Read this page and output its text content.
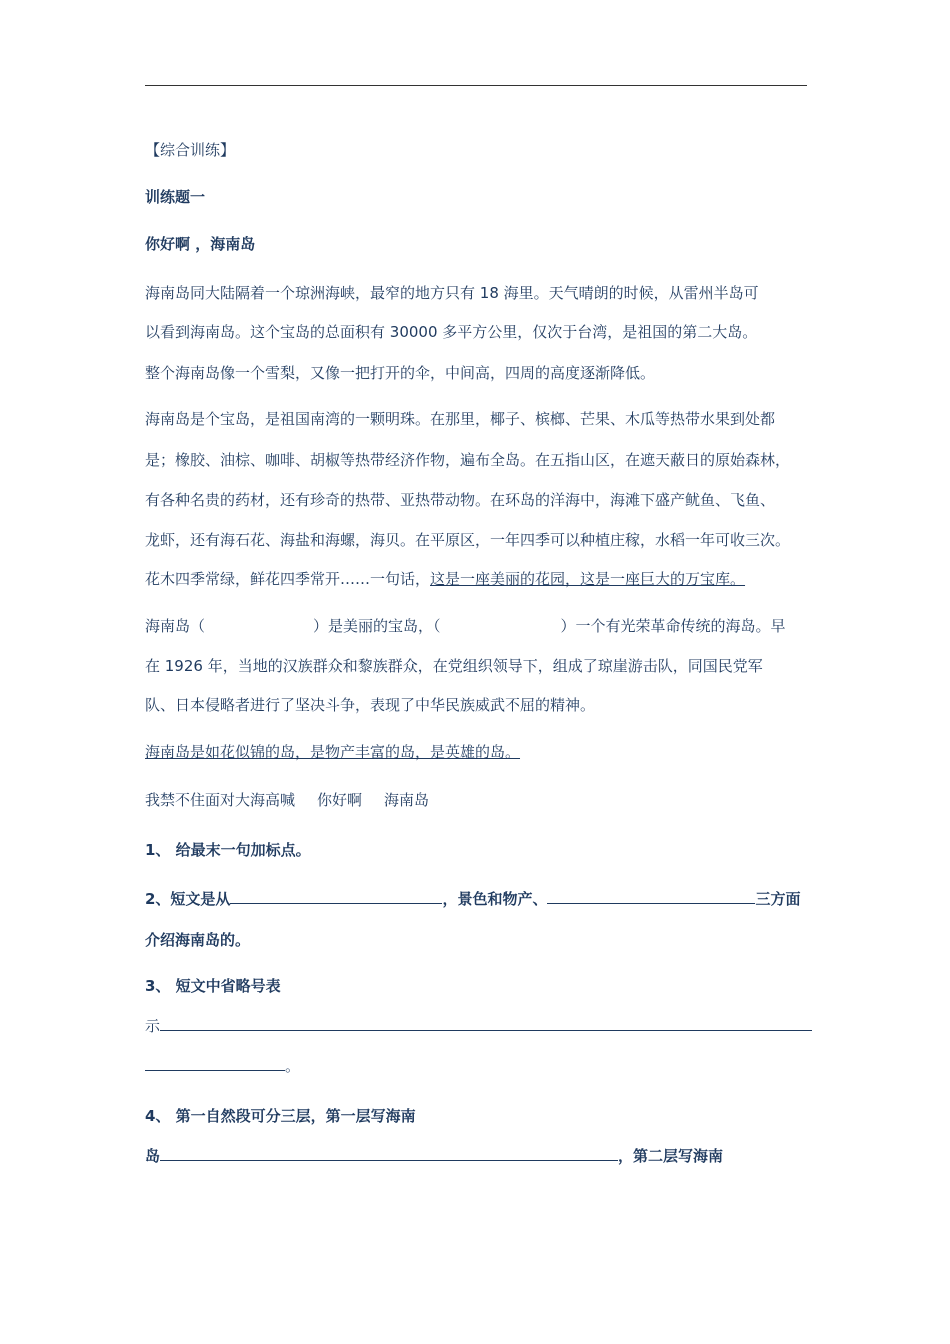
【综合训练】
训练题一
你好啊 ，海南岛
海南岛同大陆隔着一个琼洲海峡，最窄的地方只有 18 海里。天气晴朗的时候，从雷州半岛可
以看到海南岛。这个宝岛的总面积有 30000 多平方公里，仅次于台湾，是祖国的第二大岛。
整个海南岛像一个雪梨，又像一把打开的伞，中间高，四周的高度逐渐降低。
海南岛是个宝岛，是祖国南湾的一颗明珠。在那里，椰子、槟榔、芒果、木瓜等热带水果到处都
是；橡胶、油棕、咖啡、胡椒等热带经济作物，遍布全岛。在五指山区，在遮天蔽日的原始森林，
有各种名贵的药材，还有珍奇的热带、亚热带动物。在环岛的洋海中，海滩下盛产鱿鱼、飞鱼、
龙虾，还有海石花、海盐和海螺，海贝。在平原区，一年四季可以种植庄稼，水稻一年可收三次。
花木四季常绿，鲜花四季常开……一句话，这是一座美丽的花园，这是一座巨大的万宝库。
海南岛（	）是美丽的宝岛，（	）一个有光荣革命传统的海岛。早
在 1926 年，当地的汉族群众和黎族群众，在党组织领导下，组成了琼崖游击队，同国民党军
队、日本侵略者进行了坚决斗争，表现了中华民族威武不屈的精神。
海南岛是如花似锦的岛，是物产丰富的岛，是英雄的岛。
我禁不住面对大海高喊 你好啊 海南岛
1、 给最末一句加标点。
2、短文是从	，景色和物产、	三方面
介绍海南岛的。
3、 短文中省略号表
示
。
4、 第一自然段可分三层，第一层写海南
岛	，第二层写海南
